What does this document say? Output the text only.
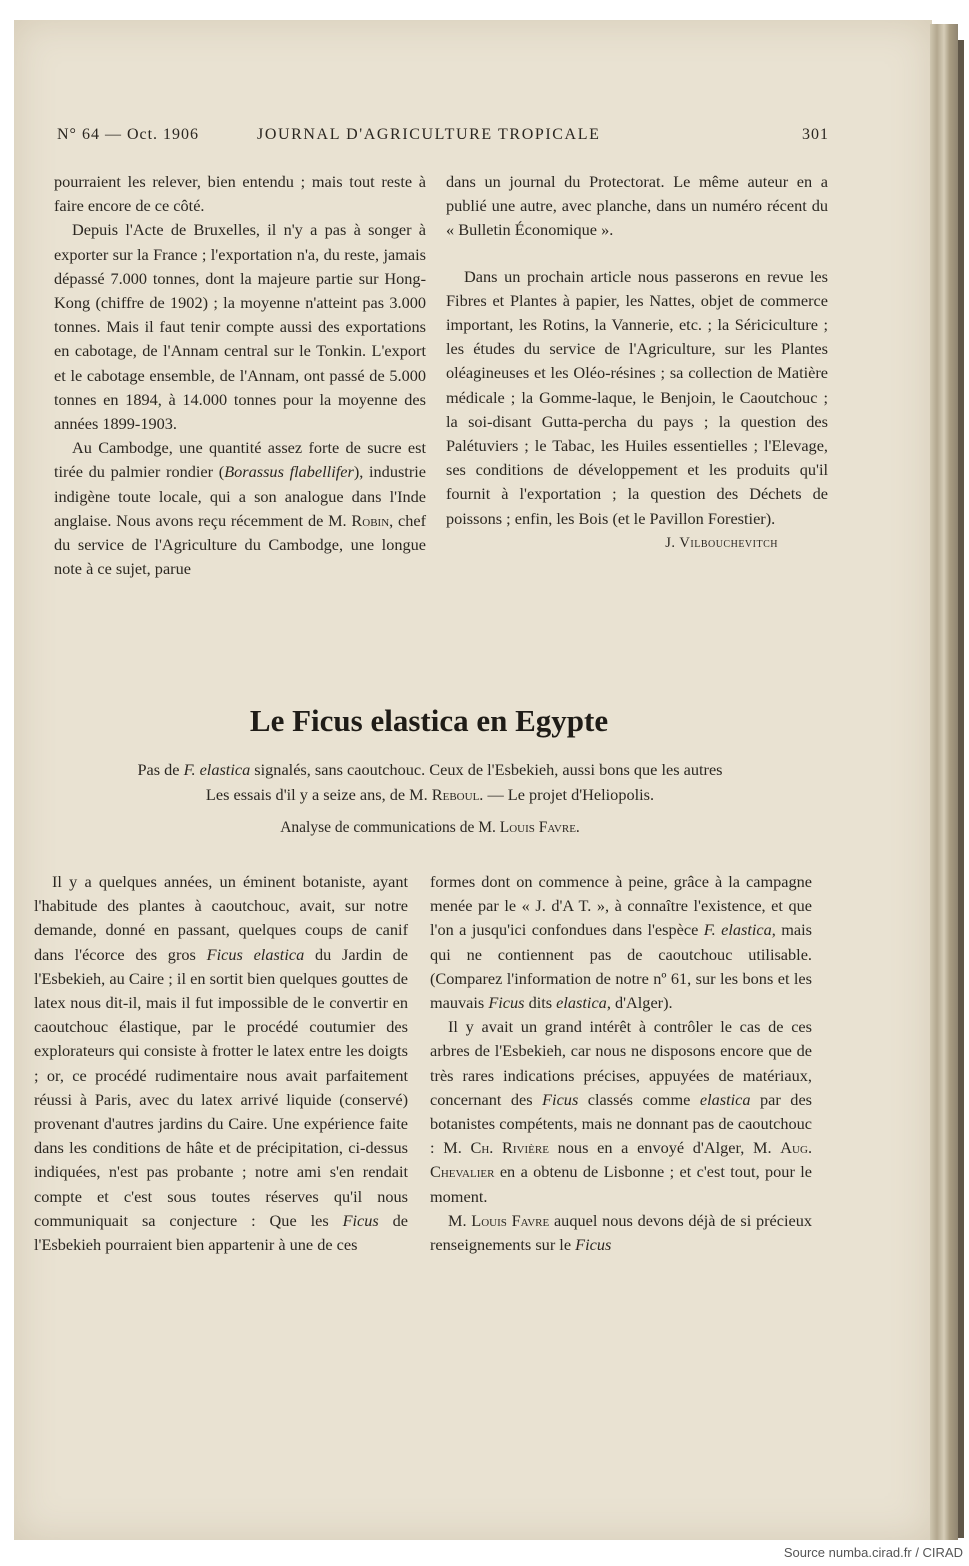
N° 64 — Oct. 1906	JOURNAL D'AGRICULTURE TROPICALE	301

pourraient les relever, bien entendu ; mais tout reste à faire encore de ce côté.

Depuis l'Acte de Bruxelles, il n'y a pas à songer à exporter sur la France ; l'exportation n'a, du reste, jamais dépassé 7.000 tonnes, dont la majeure partie sur Hong-Kong (chiffre de 1902) ; la moyenne n'atteint pas 3.000 tonnes. Mais il faut tenir compte aussi des exportations en cabotage, de l'Annam central sur le Tonkin. L'export et le cabotage ensemble, de l'Annam, ont passé de 5.000 tonnes en 1894, à 14.000 tonnes pour la moyenne des années 1899-1903.

Au Cambodge, une quantité assez forte de sucre est tirée du palmier rondier (Borassus flabellifer), industrie indigène toute locale, qui a son analogue dans l'Inde anglaise. Nous avons reçu récemment de M. Robin, chef du service de l'Agriculture du Cambodge, une longue note à ce sujet, parue

dans un journal du Protectorat. Le même auteur en a publié une autre, avec planche, dans un numéro récent du « Bulletin Économique ».

Dans un prochain article nous passerons en revue les Fibres et Plantes à papier, les Nattes, objet de commerce important, les Rotins, la Vannerie, etc. ; la Sériciculture ; les études du service de l'Agriculture, sur les Plantes oléagineuses et les Oléo-résines ; sa collection de Matière médicale ; la Gomme-laque, le Benjoin, le Caoutchouc ; la soi-disant Gutta-percha du pays ; la question des Palétuviers ; le Tabac, les Huiles essentielles ; l'Elevage, ses conditions de développement et les produits qu'il fournit à l'exportation ; la question des Déchets de poissons ; enfin, les Bois (et le Pavillon Forestier).

J. Vilbouchevitch

Le Ficus elastica en Egypte
Pas de F. elastica signalés, sans caoutchouc. Ceux de l'Esbekieh, aussi bons que les autres
Les essais d'il y a seize ans, de M. Reboul. — Le projet d'Heliopolis.
Analyse de communications de M. Louis Favre.

Il y a quelques années, un éminent botaniste, ayant l'habitude des plantes à caoutchouc, avait, sur notre demande, donné en passant, quelques coups de canif dans l'écorce des gros Ficus elastica du Jardin de l'Esbekieh, au Caire ; il en sortit bien quelques gouttes de latex nous dit-il, mais il fut impossible de le convertir en caoutchouc élastique, par le procédé coutumier des explorateurs qui consiste à frotter le latex entre les doigts ; or, ce procédé rudimentaire nous avait parfaitement réussi à Paris, avec du latex arrivé liquide (conservé) provenant d'autres jardins du Caire. Une expérience faite dans les conditions de hâte et de précipitation, ci-dessus indiquées, n'est pas probante ; notre ami s'en rendait compte et c'est sous toutes réserves qu'il nous communiquait sa conjecture : Que les Ficus de l'Esbekieh pourraient bien appartenir à une de ces

formes dont on commence à peine, grâce à la campagne menée par le « J. d'A T. », à connaître l'existence, et que l'on a jusqu'ici confondues dans l'espèce F. elastica, mais qui ne contiennent pas de caoutchouc utilisable. (Comparez l'information de notre nº 61, sur les bons et les mauvais Ficus dits elastica, d'Alger).

Il y avait un grand intérêt à contrôler le cas de ces arbres de l'Esbekieh, car nous ne disposons encore que de très rares indications précises, appuyées de matériaux, concernant des Ficus classés comme elastica par des botanistes compétents, mais ne donnant pas de caoutchouc : M. Ch. Rivière nous en a envoyé d'Alger, M. Aug. Chevalier en a obtenu de Lisbonne ; et c'est tout, pour le moment.

M. Louis Favre auquel nous devons déjà de si précieux renseignements sur le Ficus

Source numba.cirad.fr / CIRAD
